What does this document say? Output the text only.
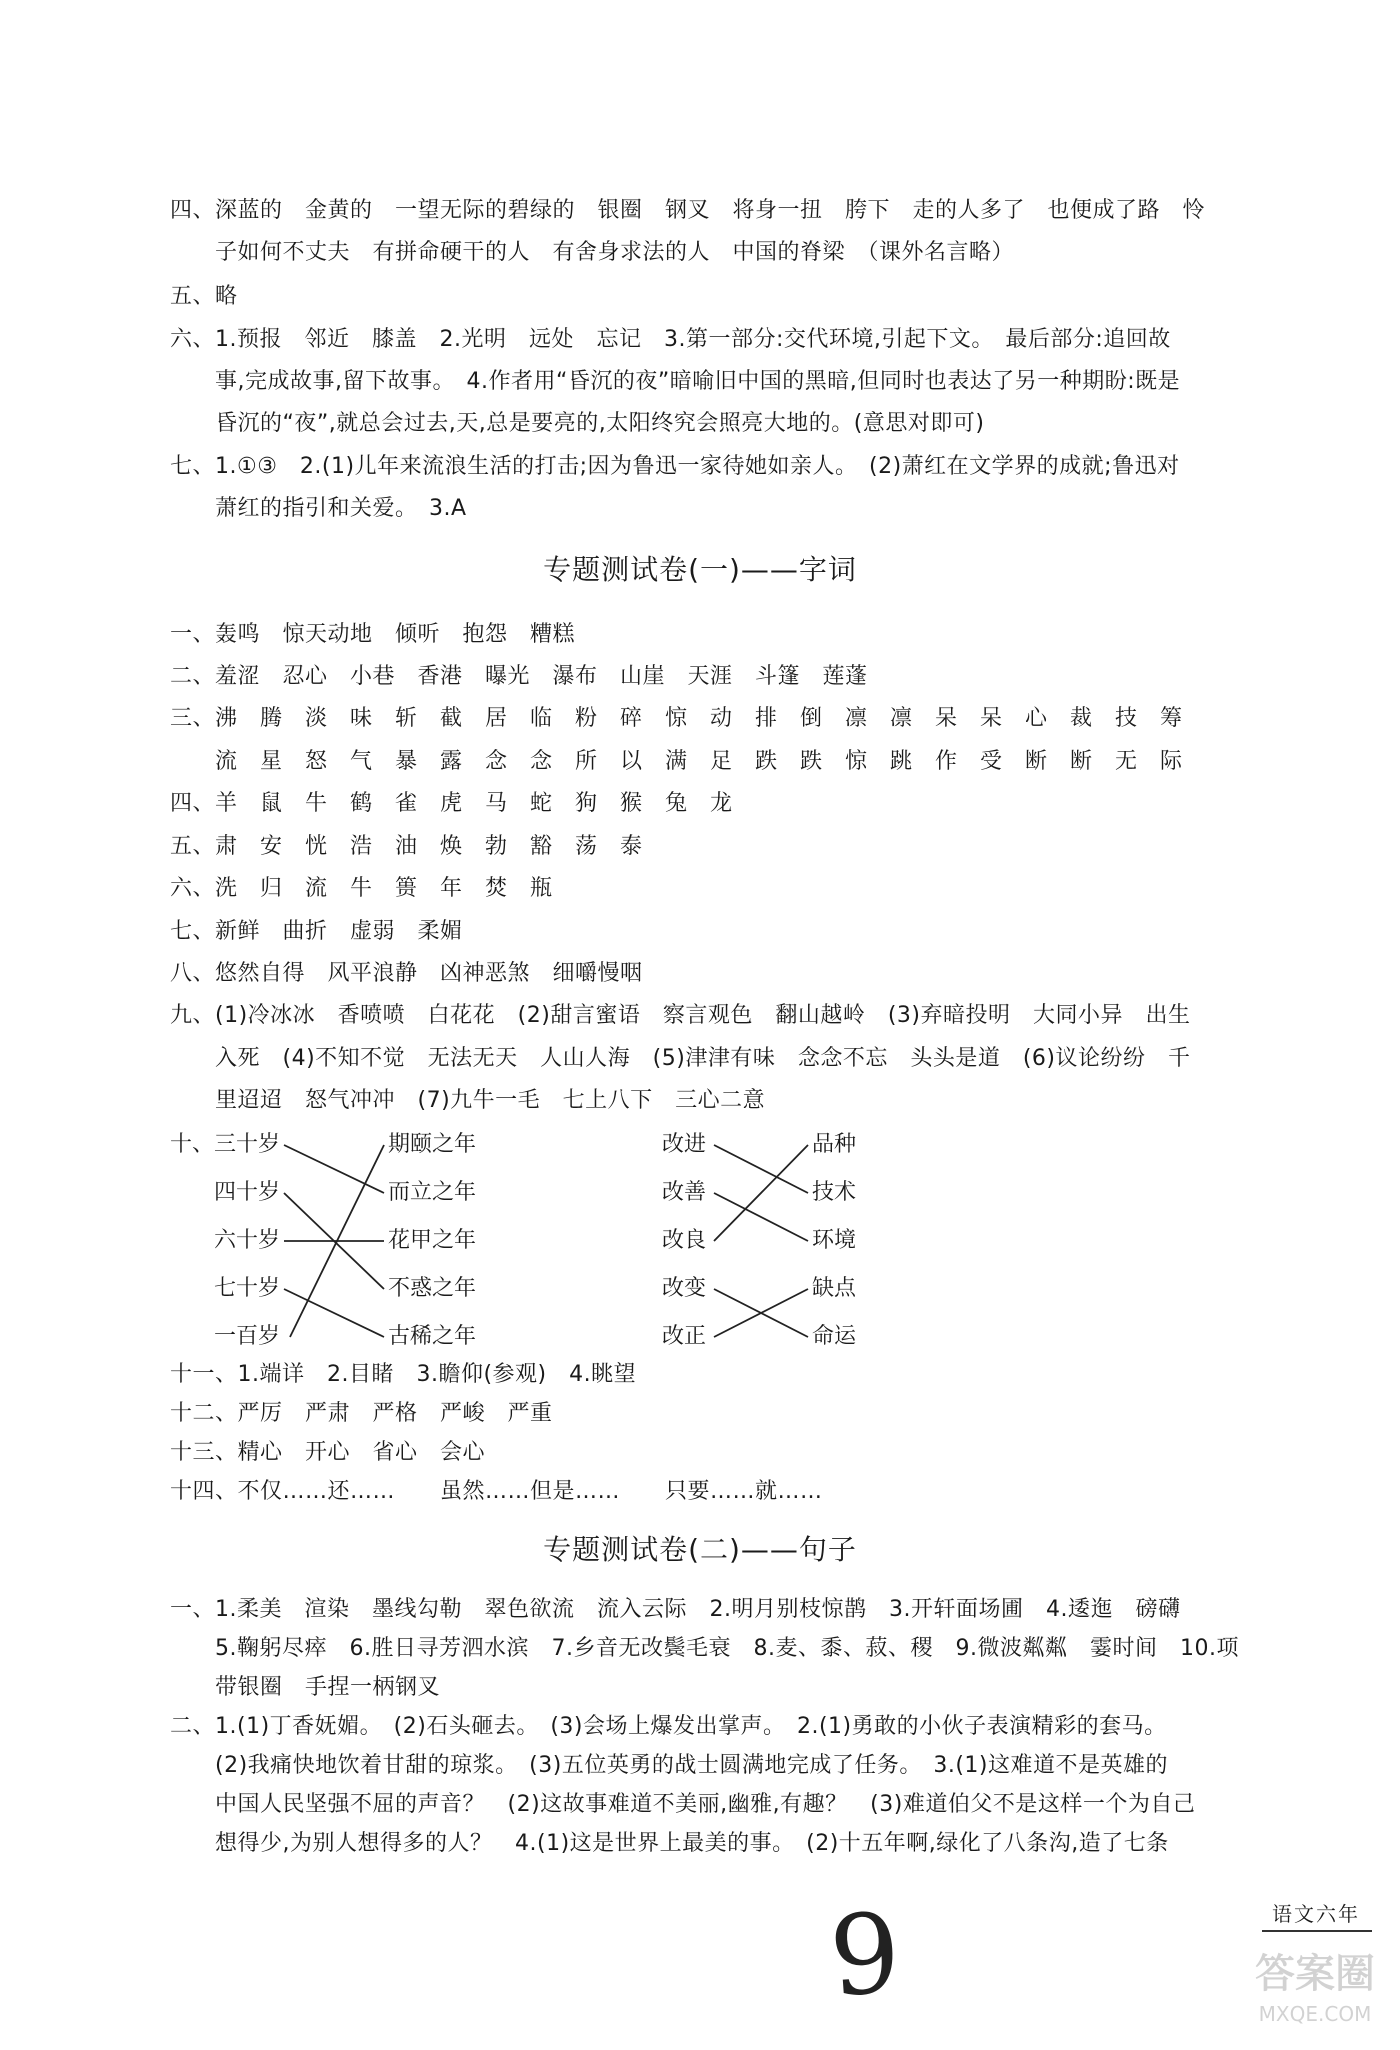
四、深蓝的　金黄的　一望无际的碧绿的　银圈　钢叉　将身一扭　胯下　走的人多了　也便成了路　怜
　　子如何不丈夫　有拼命硬干的人　有舍身求法的人　中国的脊梁　（课外名言略）
五、略
六、1.预报　邻近　膝盖　2.光明　远处　忘记　3.第一部分:交代环境,引起下文。　最后部分:追回故
　　事,完成故事,留下故事。　4.作者用“昏沉的夜”暗喻旧中国的黑暗,但同时也表达了另一种期盼:既是
　　昏沉的“夜”,就总会过去,天,总是要亮的,太阳终究会照亮大地的。(意思对即可)
七、1.①③　2.(1)儿年来流浪生活的打击;因为鲁迅一家待她如亲人。　(2)萧红在文学界的成就;鲁迅对
　　萧红的指引和关爱。　3.A
专题测试卷(一)——字词
一、轰鸣　惊天动地　倾听　抱怨　糟糕
二、羞涩　忍心　小巷　香港　曝光　瀑布　山崖　天涯　斗篷　莲蓬
三、沸　腾　淡　味　斩　截　居　临　粉　碎　惊　动　排　倒　凛　凛　呆　呆　心　裁　技　筹
　　流　星　怒　气　暴　露　念　念　所　以　满　足　跌　跌　惊　跳　作　受　断　断　无　际
四、羊　鼠　牛　鹤　雀　虎　马　蛇　狗　猴　兔　龙
五、肃　安　恍　浩　油　焕　勃　豁　荡　泰
六、洗　归　流　牛　篑　年　焚　瓶
七、新鲜　曲折　虚弱　柔媚
八、悠然自得　风平浪静　凶神恶煞　细嚼慢咽
九、(1)冷冰冰　香喷喷　白花花　(2)甜言蜜语　察言观色　翻山越岭　(3)弃暗投明　大同小异　出生
　　入死　(4)不知不觉　无法无天　人山人海　(5)津津有味　念念不忘　头头是道　(6)议论纷纷　千
　　里迢迢　怒气冲冲　(7)九牛一毛　七上八下　三心二意
十、 三十岁
四十岁
六十岁
七十岁
一百岁
期颐之年
而立之年
花甲之年
不惑之年
古稀之年
改进
改善
改良
改变
改正
品种
技术
环境
缺点
命运
十一、1.端详　2.目睹　3.瞻仰(参观)　4.眺望
十二、严厉　严肃　严格　严峻　严重
十三、精心　开心　省心　会心
十四、不仅……还……　　虽然……但是……　　只要……就……
专题测试卷(二)——句子
一、1.柔美　渲染　墨线勾勒　翠色欲流　流入云际　2.明月别枝惊鹊　3.开轩面场圃　4.逶迤　磅礴
　　5.鞠躬尽瘁　6.胜日寻芳泗水滨　7.乡音无改鬓毛衰　8.麦、黍、菽、稷　9.微波粼粼　霎时间　10.项
　　带银圈　手捏一柄钢叉
二、1.(1)丁香妩媚。　(2)石头砸去。　(3)会场上爆发出掌声。　2.(1)勇敢的小伙子表演精彩的套马。
　　(2)我痛快地饮着甘甜的琼浆。　(3)五位英勇的战士圆满地完成了任务。　3.(1)这难道不是英雄的
　　中国人民坚强不屈的声音？　(2)这故事难道不美丽,幽雅,有趣？　(3)难道伯父不是这样一个为自己
　　想得少,为别人想得多的人？　4.(1)这是世界上最美的事。　(2)十五年啊,绿化了八条沟,造了七条
9	语文六年
答案圈
MXQE.COM
